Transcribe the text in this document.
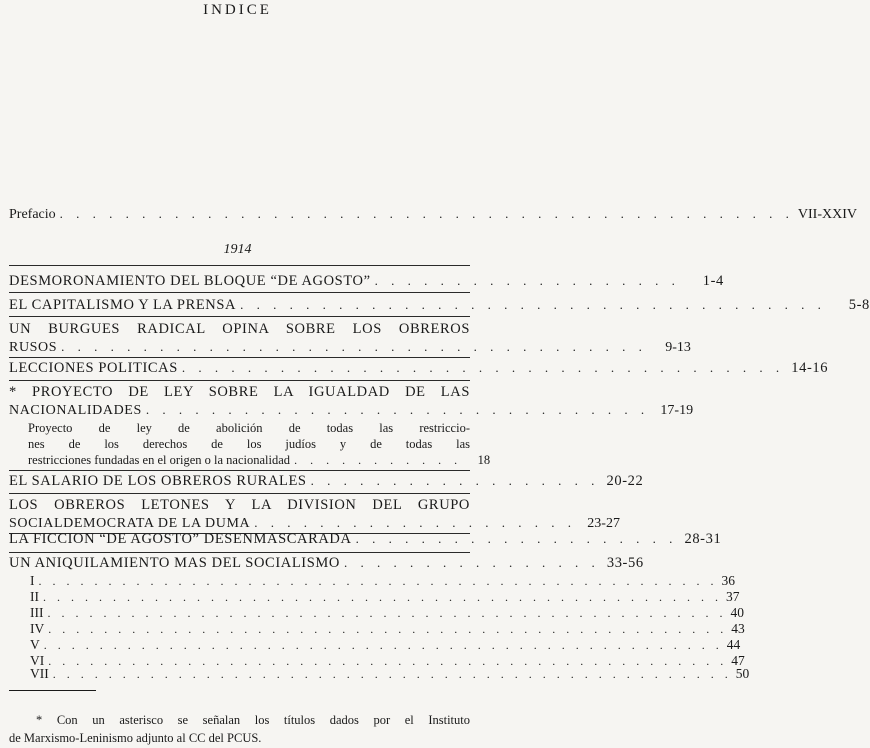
INDICE
Prefacio . . . . . . . . . . . . . . . . . . . . . . . . . . . . . . . . . . . . . . . . . . . . . VII-XXIV
1914
DESMORONAMIENTO DEL BLOQUE “DE AGOSTO” . . . . . . . . . . . . . . . . . . .	1-4
EL CAPITALISMO Y LA PRENSA . . . . . . . . . . . . . . . . . . . . . . . . . . . . . . . . . . . .	5-8
UN BURGUES RADICAL OPINA SOBRE LOS OBREROS
RUSOS . . . . . . . . . . . . . . . . . . . . . . . . . . . . . . . . . . . .	9-13
LECCIONES POLITICAS . . . . . . . . . . . . . . . . . . . . . . . . . . . . . . . . . . . . . 14-16
* PROYECTO DE LEY SOBRE LA IGUALDAD DE LAS
NACIONALIDADES . . . . . . . . . . . . . . . . . . . . . . . . . . . . . . . 17-19
Proyecto de ley de abolición de todas las restriccio-
nes de los derechos de los judíos y de todas las
restricciones fundadas en el origen o la nacionalidad . . . . . . . . . . .	18
EL SALARIO DE LOS OBREROS RURALES . . . . . . . . . . . . . . . . . . 20-22
LOS OBREROS LETONES Y LA DIVISION DEL GRUPO
SOCIALDEMOCRATA DE LA DUMA . . . . . . . . . . . . . . . . . . . . 23-27
LA FICCION “DE AGOSTO” DESENMASCARADA . . . . . . . . . . . . . . . . . . . . 28-31
UN ANIQUILAMIENTO MAS DEL SOCIALISMO . . . . . . . . . . . . . . . . 33-56
I . . . . . . . . . . . . . . . . . . . . . . . . . . . . . . . . . . . . . . . . . . . . . . . . . 36
II . . . . . . . . . . . . . . . . . . . . . . . . . . . . . . . . . . . . . . . . . . . . . . . . . 37
III . . . . . . . . . . . . . . . . . . . . . . . . . . . . . . . . . . . . . . . . . . . . . . . . . 40
IV . . . . . . . . . . . . . . . . . . . . . . . . . . . . . . . . . . . . . . . . . . . . . . . . . 43
V . . . . . . . . . . . . . . . . . . . . . . . . . . . . . . . . . . . . . . . . . . . . . . . . . 44
VI . . . . . . . . . . . . . . . . . . . . . . . . . . . . . . . . . . . . . . . . . . . . . . . . . 47
VII . . . . . . . . . . . . . . . . . . . . . . . . . . . . . . . . . . . . . . . . . . . . . . . . . 50
* Con un asterisco se señalan los títulos dados por el Instituto
de Marxismo-Leninismo adjunto al CC del PCUS.
